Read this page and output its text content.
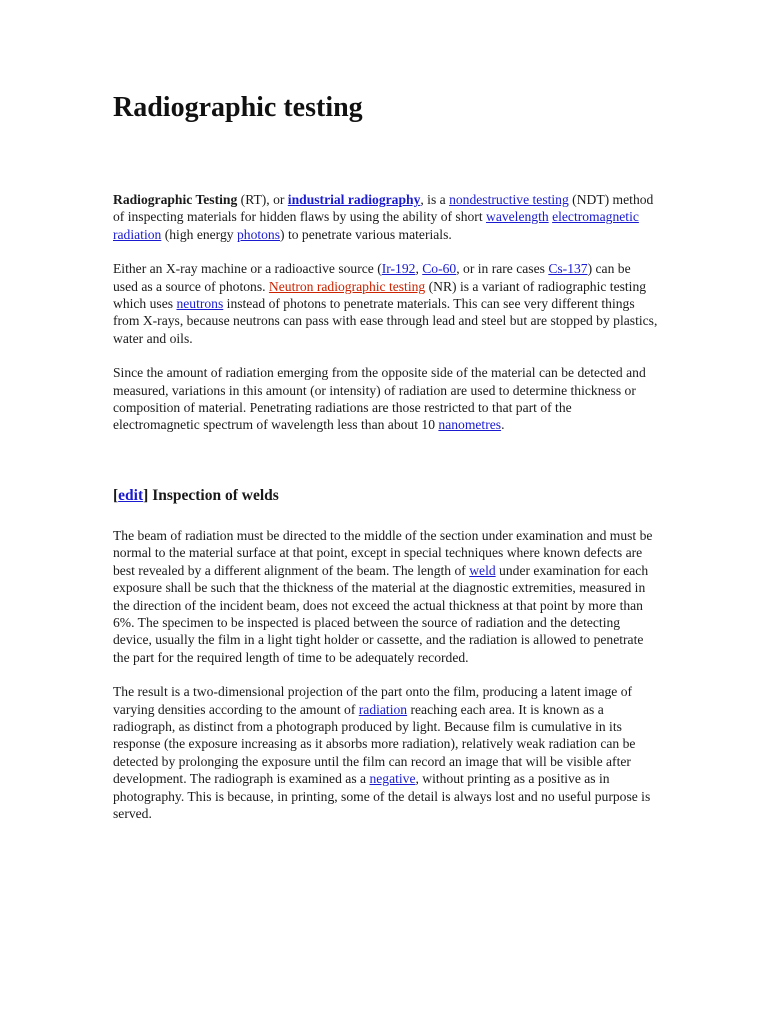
Radiographic testing

Radiographic Testing (RT), or industrial radiography, is a nondestructive testing (NDT) method of inspecting materials for hidden flaws by using the ability of short wavelength electromagnetic radiation (high energy photons) to penetrate various materials.

Either an X-ray machine or a radioactive source (Ir-192, Co-60, or in rare cases Cs-137) can be used as a source of photons. Neutron radiographic testing (NR) is a variant of radiographic testing which uses neutrons instead of photons to penetrate materials. This can see very different things from X-rays, because neutrons can pass with ease through lead and steel but are stopped by plastics, water and oils.

Since the amount of radiation emerging from the opposite side of the material can be detected and measured, variations in this amount (or intensity) of radiation are used to determine thickness or composition of material. Penetrating radiations are those restricted to that part of the electromagnetic spectrum of wavelength less than about 10 nanometres.

[edit] Inspection of welds

The beam of radiation must be directed to the middle of the section under examination and must be normal to the material surface at that point, except in special techniques where known defects are best revealed by a different alignment of the beam. The length of weld under examination for each exposure shall be such that the thickness of the material at the diagnostic extremities, measured in the direction of the incident beam, does not exceed the actual thickness at that point by more than 6%. The specimen to be inspected is placed between the source of radiation and the detecting device, usually the film in a light tight holder or cassette, and the radiation is allowed to penetrate the part for the required length of time to be adequately recorded.

The result is a two-dimensional projection of the part onto the film, producing a latent image of varying densities according to the amount of radiation reaching each area. It is known as a radiograph, as distinct from a photograph produced by light. Because film is cumulative in its response (the exposure increasing as it absorbs more radiation), relatively weak radiation can be detected by prolonging the exposure until the film can record an image that will be visible after development. The radiograph is examined as a negative, without printing as a positive as in photography. This is because, in printing, some of the detail is always lost and no useful purpose is served.
